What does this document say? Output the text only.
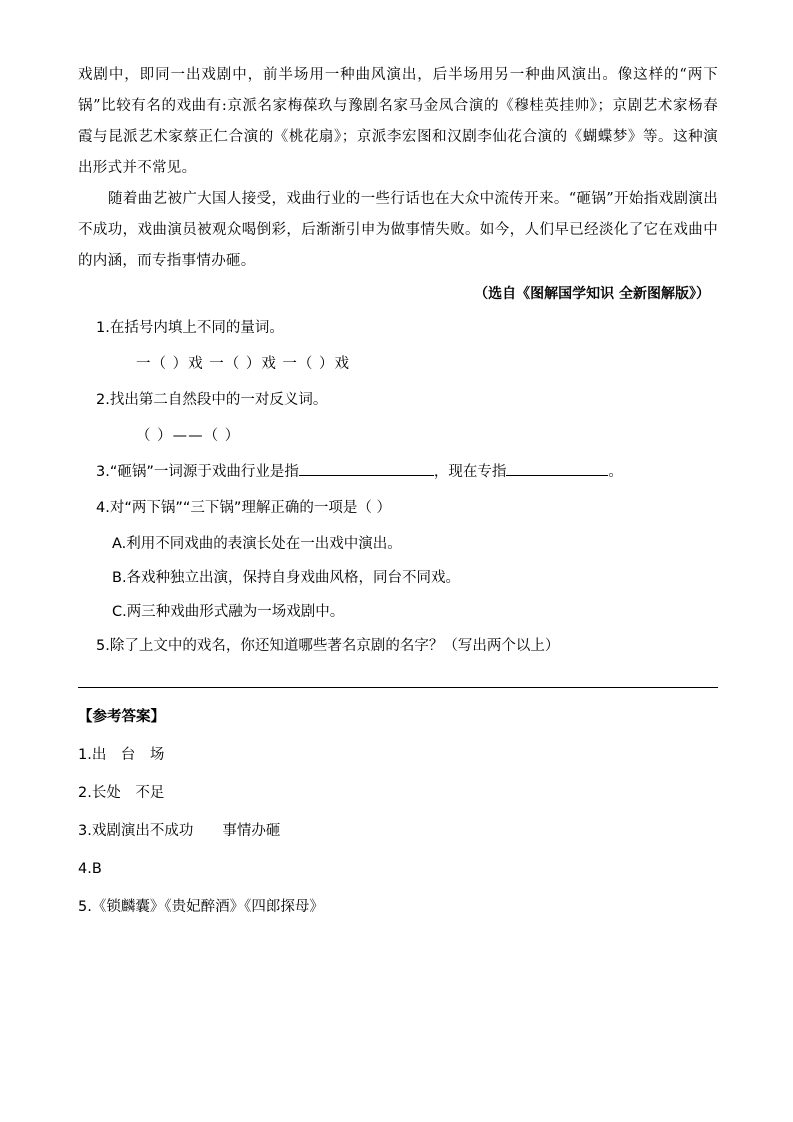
戏剧中，即同一出戏剧中，前半场用一种曲风演出，后半场用另一种曲风演出。像这样的“两下锅”比较有名的戏曲有:京派名家梅葆玖与豫剧名家马金凤合演的《穆桂英挂帅》；京剧艺术家杨春霞与昆派艺术家蔡正仁合演的《桃花扇》；京派李宏图和汉剧李仙花合演的《蝴蝶梦》等。这种演出形式并不常见。

随着曲艺被广大国人接受，戏曲行业的一些行话也在大众中流传开来。“砸锅”开始指戏剧演出不成功，戏曲演员被观众喝倒彩，后渐渐引申为做事情失败。如今，人们早已经淡化了它在戏曲中的内涵，而专指事情办砸。

（选自《图解国学知识 全新图解版》）
1.在括号内填上不同的量词。
一（ ）戏 一（ ）戏 一（ ）戏
2.找出第二自然段中的一对反义词。
（ ）——（ ）
3.“砸锅”一词源于戏曲行业是指	，现在专指	。
4.对“两下锅”“三下锅”理解正确的一项是（ ）
A.利用不同戏曲的表演长处在一出戏中演出。
B.各戏种独立出演，保持自身戏曲风格，同台不同戏。
C.两三种戏曲形式融为一场戏剧中。
5.除了上文中的戏名，你还知道哪些著名京剧的名字？（写出两个以上）
【参考答案】
1.出　台　场
2.长处　不足
3.戏剧演出不成功　　事情办砸
4.B
5.《锁麟囊》《贵妃醉酒》《四郎探母》
